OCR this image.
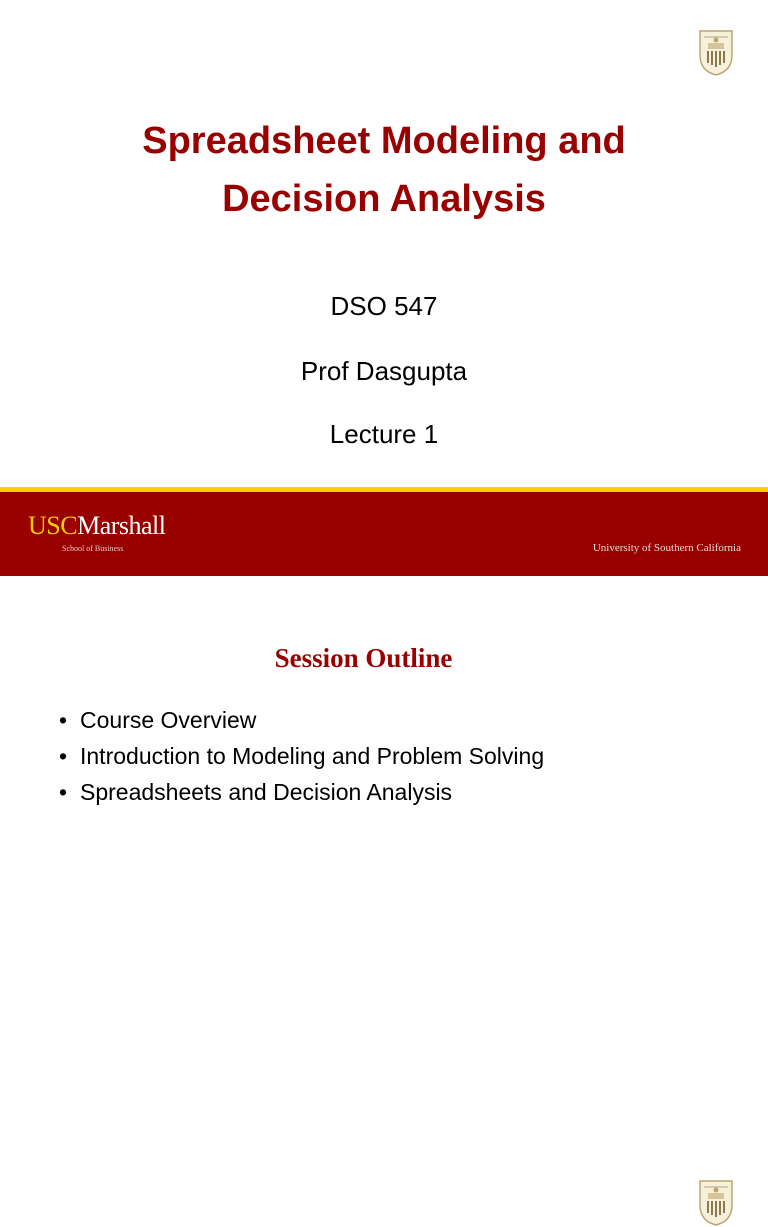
Spreadsheet Modeling and
Decision Analysis
DSO 547
Prof Dasgupta
Lecture 1
USCMarshall
School of Business	University of Southern California
Session Outline
• Course Overview
• Introduction to Modeling and Problem Solving
• Spreadsheets and Decision Analysis
